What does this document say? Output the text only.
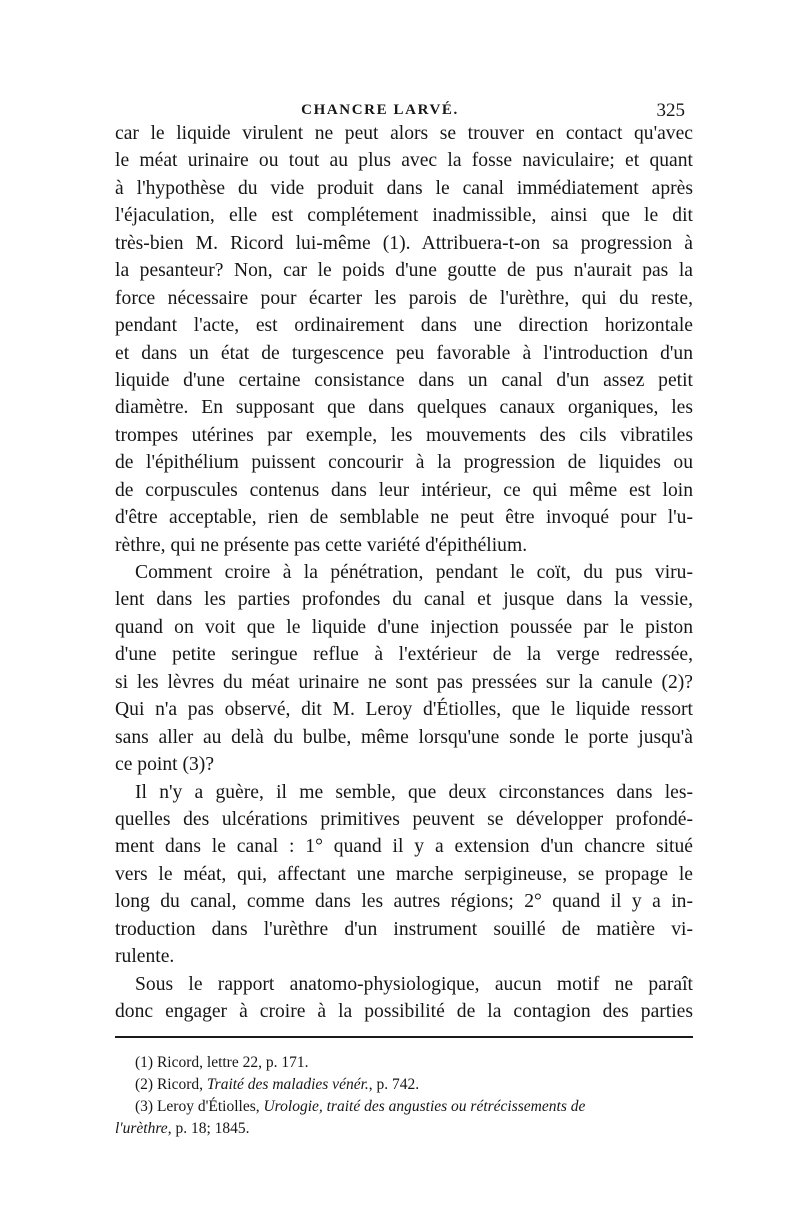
CHANCRE LARVÉ.	325
car le liquide virulent ne peut alors se trouver en contact qu'avec
le méat urinaire ou tout au plus avec la fosse naviculaire; et quant
à l'hypothèse du vide produit dans le canal immédiatement après
l'éjaculation, elle est complétement inadmissible, ainsi que le dit
très-bien M. Ricord lui-même (1). Attribuera-t-on sa progression à
la pesanteur? Non, car le poids d'une goutte de pus n'aurait pas la
force nécessaire pour écarter les parois de l'urèthre, qui du reste,
pendant l'acte, est ordinairement dans une direction horizontale
et dans un état de turgescence peu favorable à l'introduction d'un
liquide d'une certaine consistance dans un canal d'un assez petit
diamètre. En supposant que dans quelques canaux organiques, les
trompes utérines par exemple, les mouvements des cils vibratiles
de l'épithélium puissent concourir à la progression de liquides ou
de corpuscules contenus dans leur intérieur, ce qui même est loin
d'être acceptable, rien de semblable ne peut être invoqué pour l'u-
rèthre, qui ne présente pas cette variété d'épithélium.
Comment croire à la pénétration, pendant le coït, du pus viru-
lent dans les parties profondes du canal et jusque dans la vessie,
quand on voit que le liquide d'une injection poussée par le piston
d'une petite seringue reflue à l'extérieur de la verge redressée,
si les lèvres du méat urinaire ne sont pas pressées sur la canule (2)?
Qui n'a pas observé, dit M. Leroy d'Étiolles, que le liquide ressort
sans aller au delà du bulbe, même lorsqu'une sonde le porte jusqu'à
ce point (3)?
Il n'y a guère, il me semble, que deux circonstances dans les-
quelles des ulcérations primitives peuvent se développer profondé-
ment dans le canal : 1° quand il y a extension d'un chancre situé
vers le méat, qui, affectant une marche serpigineuse, se propage le
long du canal, comme dans les autres régions; 2° quand il y a in-
troduction dans l'urèthre d'un instrument souillé de matière vi-
rulente.
Sous le rapport anatomo-physiologique, aucun motif ne paraît
donc engager à croire à la possibilité de la contagion des parties
(1) Ricord, lettre 22, p. 171.
(2) Ricord, Traité des maladies vénér., p. 742.
(3) Leroy d'Étiolles, Urologie, traité des angusties ou rétrécissements de
l'urèthre, p. 18; 1845.
